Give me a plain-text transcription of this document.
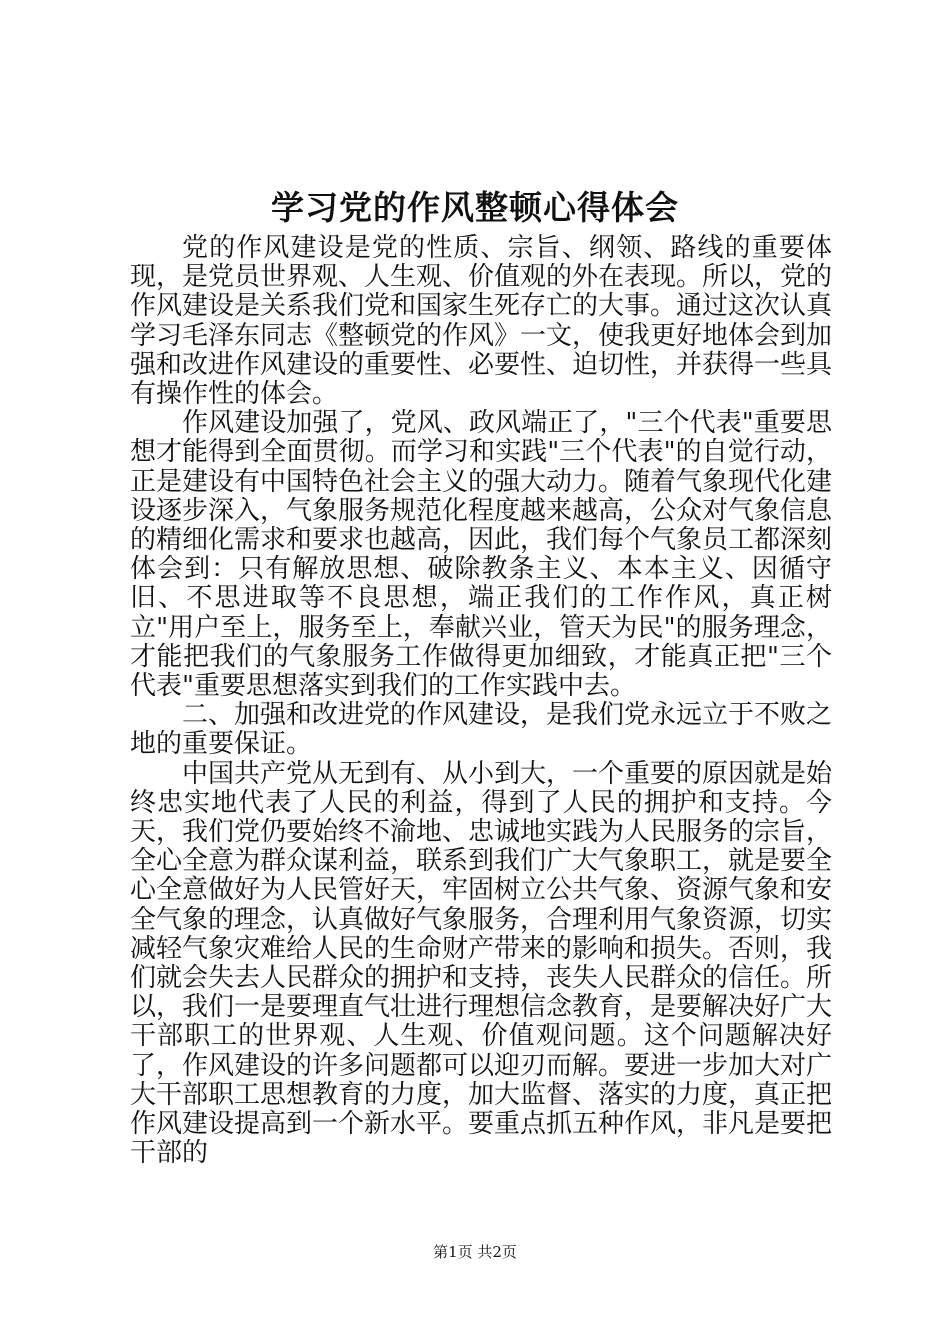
学习党的作风整顿心得体会

党的作风建设是党的性质、宗旨、纲领、路线的重要体现，是党员世界观、人生观、价值观的外在表现。所以，党的作风建设是关系我们党和国家生死存亡的大事。通过这次认真学习毛泽东同志《整顿党的作风》一文，使我更好地体会到加强和改进作风建设的重要性、必要性、迫切性，并获得一些具有操作性的体会。

作风建设加强了，党风、政风端正了，"三个代表"重要思想才能得到全面贯彻。而学习和实践"三个代表"的自觉行动，正是建设有中国特色社会主义的强大动力。随着气象现代化建设逐步深入，气象服务规范化程度越来越高，公众对气象信息的精细化需求和要求也越高，因此，我们每个气象员工都深刻体会到：只有解放思想、破除教条主义、本本主义、因循守旧、不思进取等不良思想，端正我们的工作作风，真正树立"用户至上，服务至上，奉献兴业，管天为民"的服务理念，才能把我们的气象服务工作做得更加细致，才能真正把"三个代表"重要思想落实到我们的工作实践中去。

二、加强和改进党的作风建设，是我们党永远立于不败之地的重要保证。

中国共产党从无到有、从小到大，一个重要的原因就是始终忠实地代表了人民的利益，得到了人民的拥护和支持。今天，我们党仍要始终不渝地、忠诚地实践为人民服务的宗旨，全心全意为群众谋利益，联系到我们广大气象职工，就是要全心全意做好为人民管好天，牢固树立公共气象、资源气象和安全气象的理念，认真做好气象服务，合理利用气象资源，切实减轻气象灾难给人民的生命财产带来的影响和损失。否则，我们就会失去人民群众的拥护和支持，丧失人民群众的信任。所以，我们一是要理直气壮进行理想信念教育，是要解决好广大干部职工的世界观、人生观、价值观问题。这个问题解决好了，作风建设的许多问题都可以迎刃而解。要进一步加大对广大干部职工思想教育的力度，加大监督、落实的力度，真正把作风建设提高到一个新水平。要重点抓五种作风，非凡是要把干部的

第1页 共2页
